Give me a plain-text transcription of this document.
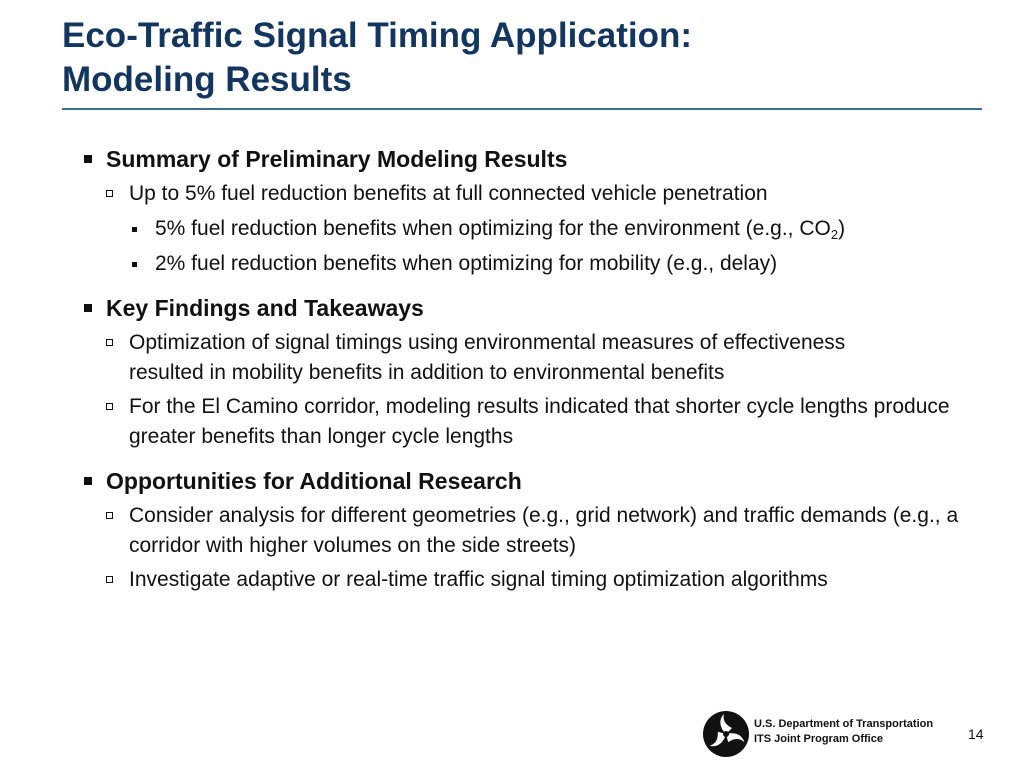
Eco-Traffic Signal Timing Application:
Modeling Results
Summary of Preliminary Modeling Results
Up to 5% fuel reduction benefits at full connected vehicle penetration
5% fuel reduction benefits when optimizing for the environment (e.g., $CO_2$)
2% fuel reduction benefits when optimizing for mobility (e.g., delay)
Key Findings and Takeaways
Optimization of signal timings using environmental measures of effectiveness resulted in mobility benefits in addition to environmental benefits
For the El Camino corridor, modeling results indicated that shorter cycle lengths produce greater benefits than longer cycle lengths
Opportunities for Additional Research
Consider analysis for different geometries (e.g., grid network) and traffic demands (e.g., a corridor with higher volumes on the side streets)
Investigate adaptive or real-time traffic signal timing optimization algorithms
U.S. Department of Transportation
ITS Joint Program Office	14
